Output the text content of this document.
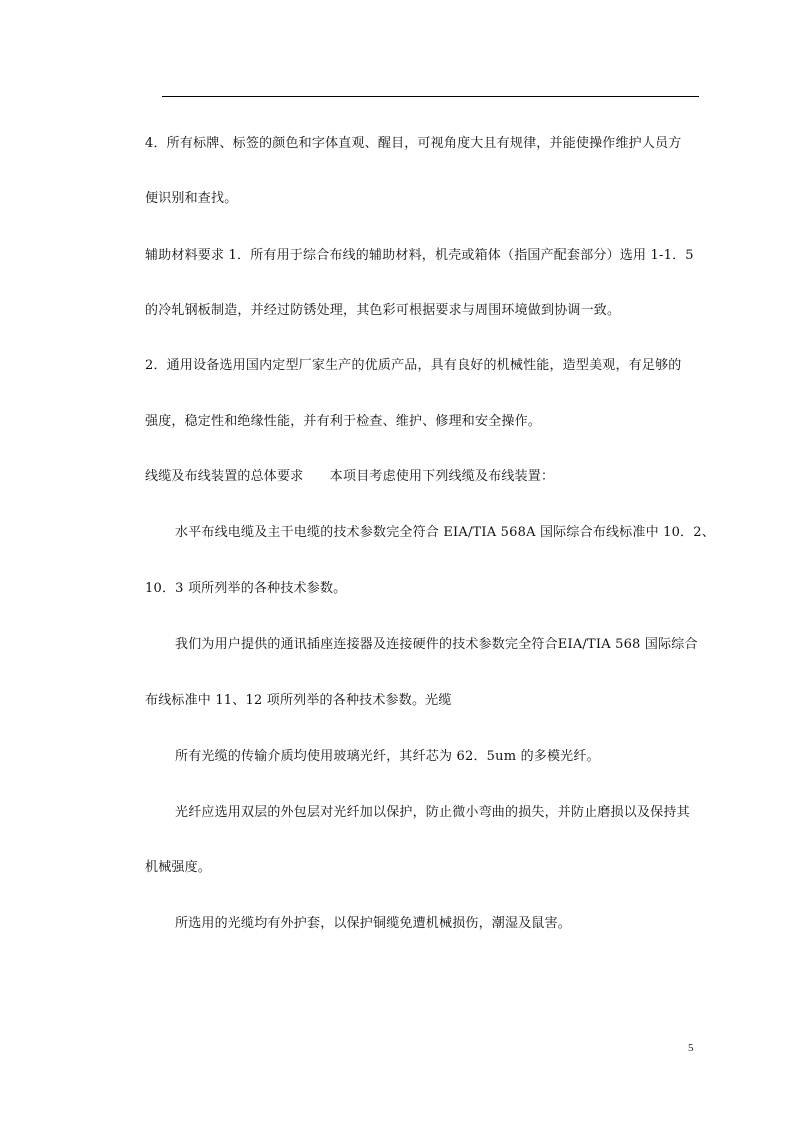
4．所有标牌、标签的颜色和字体直观、醒目，可视角度大且有规律，并能使操作维护人员方
便识别和查找。
辅助材料要求 1．所有用于综合布线的辅助材料，机壳或箱体（指国产配套部分）选用 1-1．5
的冷轧钢板制造，并经过防锈处理，其色彩可根据要求与周围环境做到协调一致。
2．通用设备选用国内定型厂家生产的优质产品，具有良好的机械性能，造型美观，有足够的
强度，稳定性和绝缘性能，并有利于检查、维护、修理和安全操作。
线缆及布线装置的总体要求　　本项目考虑使用下列线缆及布线装置：
水平布线电缆及主干电缆的技术参数完全符合 EIA/TIA 568A 国际综合布线标准中 10．2、
10．3 项所列举的各种技术参数。
我们为用户提供的通讯插座连接器及连接硬件的技术参数完全符合EIA/TIA 568 国际综合
布线标准中 11、12 项所列举的各种技术参数。光缆
所有光缆的传输介质均使用玻璃光纤，其纤芯为 62．5um 的多模光纤。
光纤应选用双层的外包层对光纤加以保护，防止微小弯曲的损失，并防止磨损以及保持其
机械强度。
所选用的光缆均有外护套，以保护铜缆免遭机械损伤，潮湿及鼠害。
5
